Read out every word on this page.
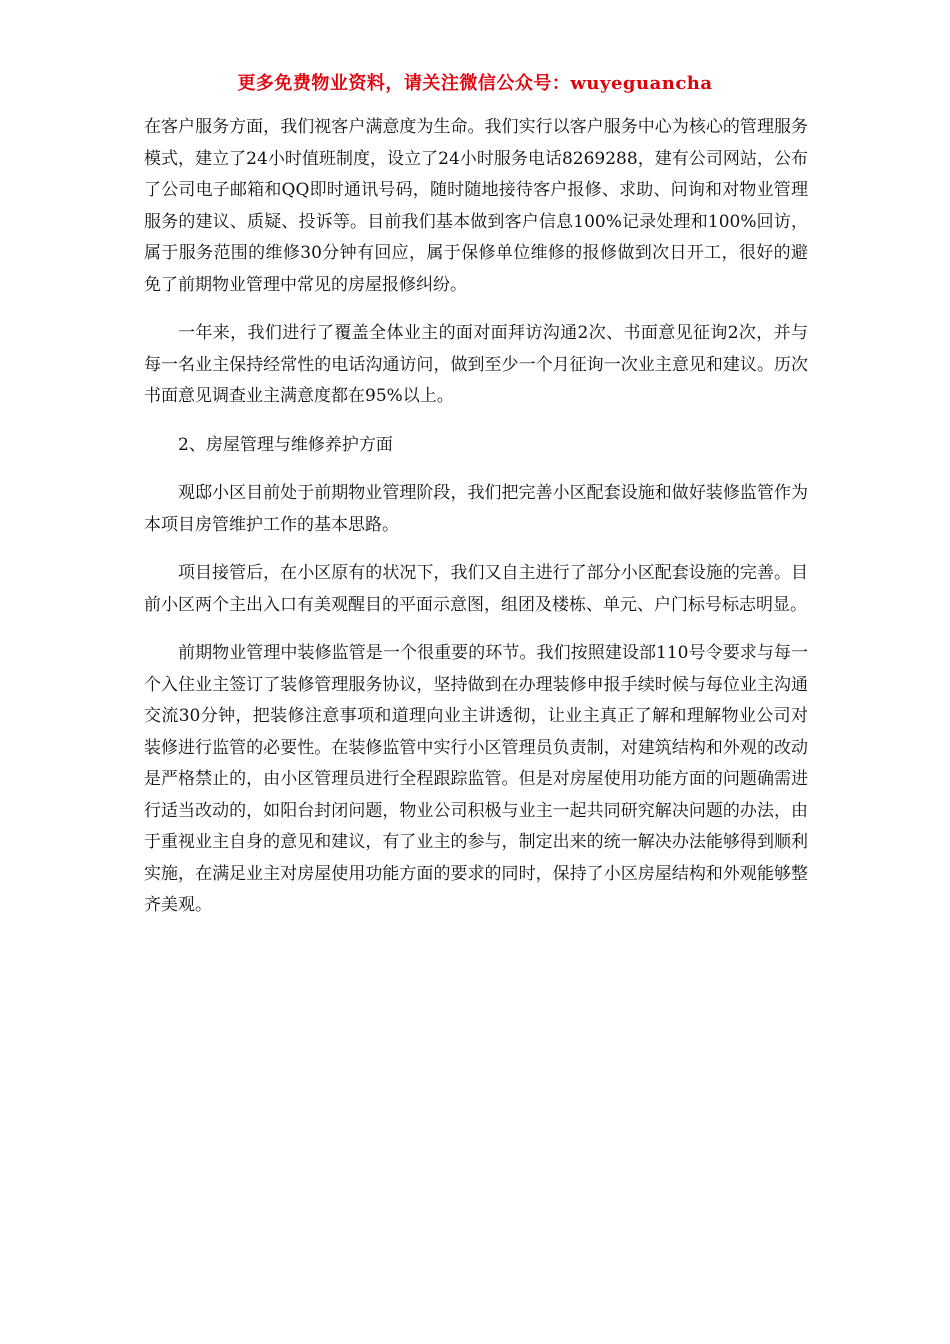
更多免费物业资料，请关注微信公众号：wuyeguancha

在客户服务方面，我们视客户满意度为生命。我们实行以客户服务中心为核心的管理服务模式，建立了24小时值班制度，设立了24小时服务电话8269288，建有公司网站，公布了公司电子邮箱和QQ即时通讯号码，随时随地接待客户报修、求助、问询和对物业管理服务的建议、质疑、投诉等。目前我们基本做到客户信息100%记录处理和100%回访，属于服务范围的维修30分钟有回应，属于保修单位维修的报修做到次日开工，很好的避免了前期物业管理中常见的房屋报修纠纷。

一年来，我们进行了覆盖全体业主的面对面拜访沟通2次、书面意见征询2次，并与每一名业主保持经常性的电话沟通访问，做到至少一个月征询一次业主意见和建议。历次书面意见调查业主满意度都在95%以上。

2、房屋管理与维修养护方面

观邸小区目前处于前期物业管理阶段，我们把完善小区配套设施和做好装修监管作为本项目房管维护工作的基本思路。

项目接管后，在小区原有的状况下，我们又自主进行了部分小区配套设施的完善。目前小区两个主出入口有美观醒目的平面示意图，组团及楼栋、单元、户门标号标志明显。

前期物业管理中装修监管是一个很重要的环节。我们按照建设部110号令要求与每一个入住业主签订了装修管理服务协议，坚持做到在办理装修申报手续时候与每位业主沟通交流30分钟，把装修注意事项和道理向业主讲透彻，让业主真正了解和理解物业公司对装修进行监管的必要性。在装修监管中实行小区管理员负责制，对建筑结构和外观的改动是严格禁止的，由小区管理员进行全程跟踪监管。但是对房屋使用功能方面的问题确需进行适当改动的，如阳台封闭问题，物业公司积极与业主一起共同研究解决问题的办法，由于重视业主自身的意见和建议，有了业主的参与，制定出来的统一解决办法能够得到顺利实施，在满足业主对房屋使用功能方面的要求的同时，保持了小区房屋结构和外观能够整齐美观。
